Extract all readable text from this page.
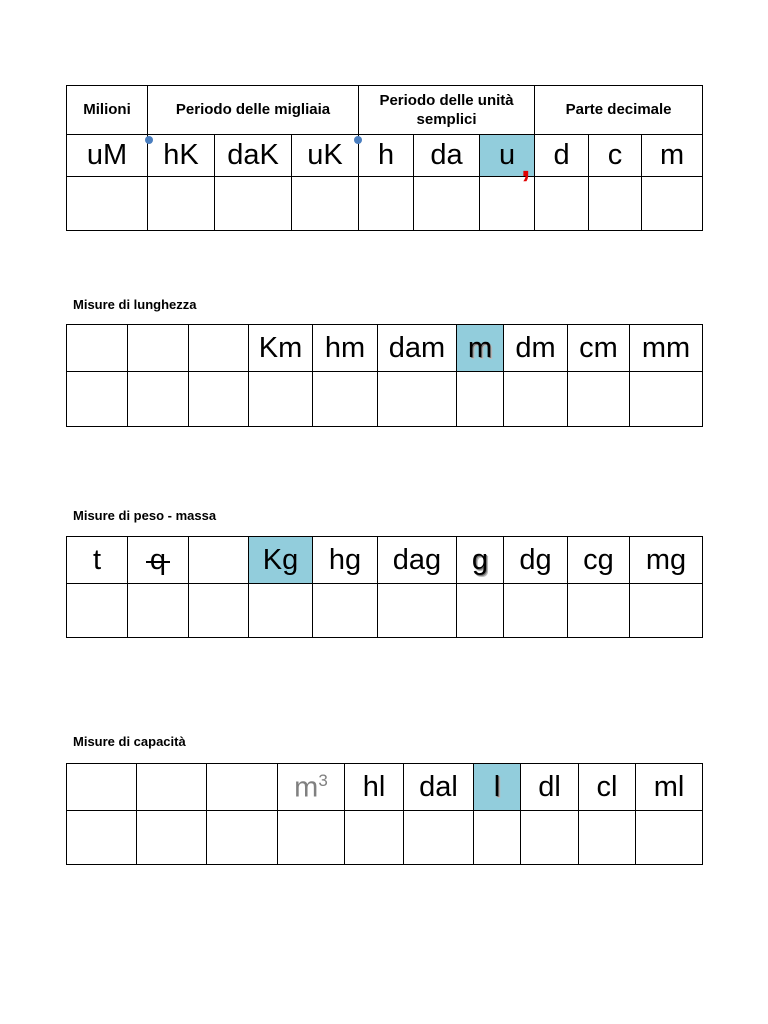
Milioni	Periodo delle migliaia			Periodo delle unità semplici			Parte decimale		
uM	hK	daK	uK	h	da	u	d	c	m

,
Misure di lunghezza
			Km	hm	dam	m	dm	cm	mm

Misure di peso - massa
t	q		Kg	hg	dag	g	dg	cg	mg

Misure di capacità
			$m^3$	hl	dal	l	dl	cl	ml
